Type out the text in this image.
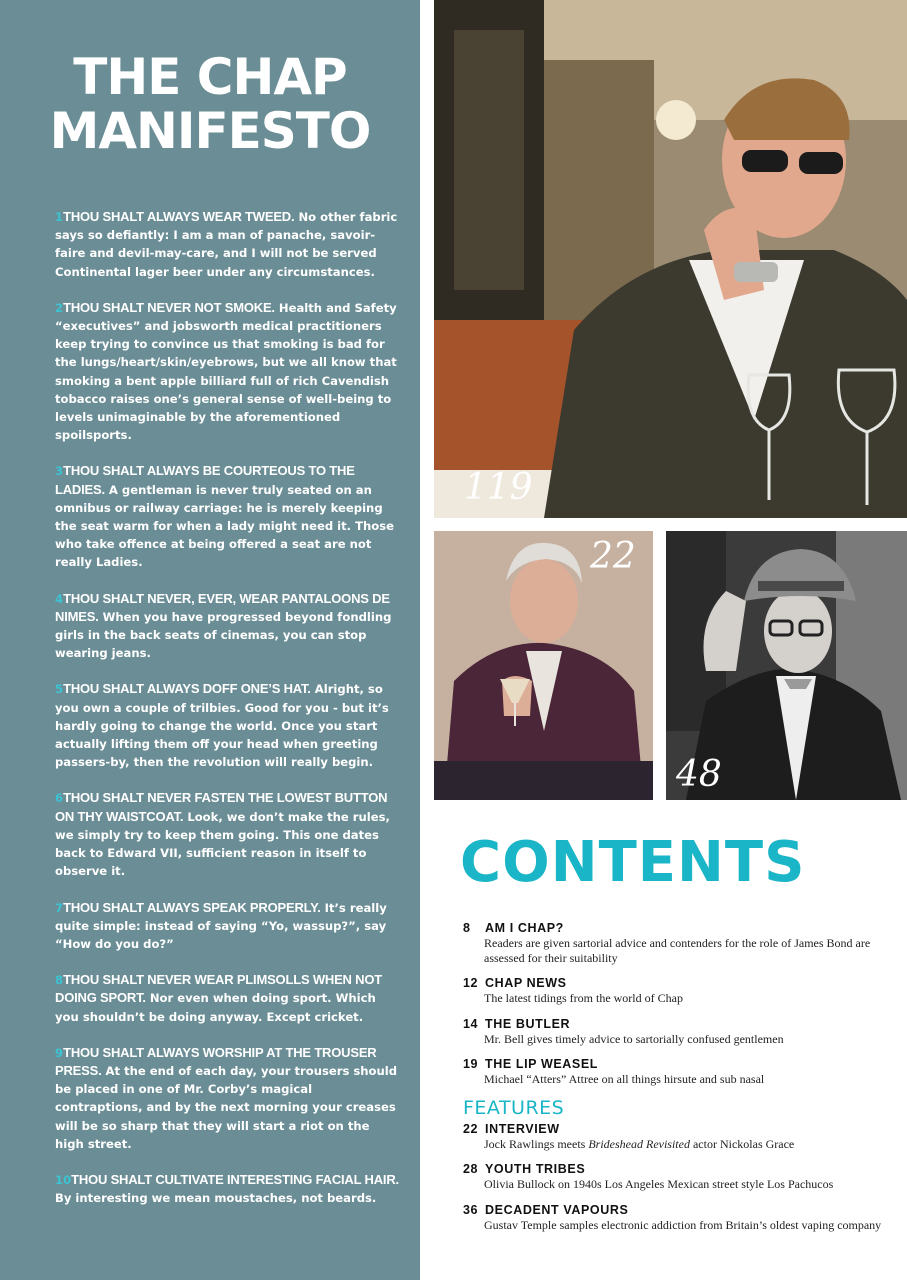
THE CHAP
MANIFESTO

1THOU SHALT ALWAYS WEAR TWEED. No other fabric says so defiantly: I am a man of panache, savoir-faire and devil-may-care, and I will not be served Continental lager beer under any circumstances.

2THOU SHALT NEVER NOT SMOKE. Health and Safety “executives” and jobsworth medical practitioners keep trying to convince us that smoking is bad for the lungs/heart/skin/eyebrows, but we all know that smoking a bent apple billiard full of rich Cavendish tobacco raises one’s general sense of well-being to levels unimaginable by the aforementioned spoilsports.

3THOU SHALT ALWAYS BE COURTEOUS TO THE LADIES. A gentleman is never truly seated on an omnibus or railway carriage: he is merely keeping the seat warm for when a lady might need it. Those who take offence at being offered a seat are not really Ladies.

4THOU SHALT NEVER, EVER, WEAR PANTALOONS DE NIMES. When you have progressed beyond fondling girls in the back seats of cinemas, you can stop wearing jeans.

5THOU SHALT ALWAYS DOFF ONE’S HAT. Alright, so you own a couple of trilbies. Good for you - but it’s hardly going to change the world. Once you start actually lifting them off your head when greeting passers-by, then the revolution will really begin.

6THOU SHALT NEVER FASTEN THE LOWEST BUTTON ON THY WAISTCOAT. Look, we don’t make the rules, we simply try to keep them going. This one dates back to Edward VII, sufficient reason in itself to observe it.

7THOU SHALT ALWAYS SPEAK PROPERLY. It’s really quite simple: instead of saying “Yo, wassup?”, say “How do you do?”

8THOU SHALT NEVER WEAR PLIMSOLLS WHEN NOT DOING SPORT. Nor even when doing sport. Which you shouldn’t be doing anyway. Except cricket.

9THOU SHALT ALWAYS WORSHIP AT THE TROUSER PRESS. At the end of each day, your trousers should be placed in one of Mr. Corby’s magical contraptions, and by the next morning your creases will be so sharp that they will start a riot on the high street.

10THOU SHALT CULTIVATE INTERESTING FACIAL HAIR. By interesting we mean moustaches, not beards.

119
22
48
CONTENTS
8 AM I CHAP?
Readers are given sartorial advice and contenders for the role of James Bond are assessed for their suitability
12 CHAP NEWS
The latest tidings from the world of Chap
14 THE BUTLER
Mr. Bell gives timely advice to sartorially confused gentlemen
19 THE LIP WEASEL
Michael “Atters” Attree on all things hirsute and sub nasal
FEATURES
22 INTERVIEW
Jock Rawlings meets Brideshead Revisited actor Nickolas Grace
28 YOUTH TRIBES
Olivia Bullock on 1940s Los Angeles Mexican street style Los Pachucos
36 DECADENT VAPOURS
Gustav Temple samples electronic addiction from Britain’s oldest vaping company
